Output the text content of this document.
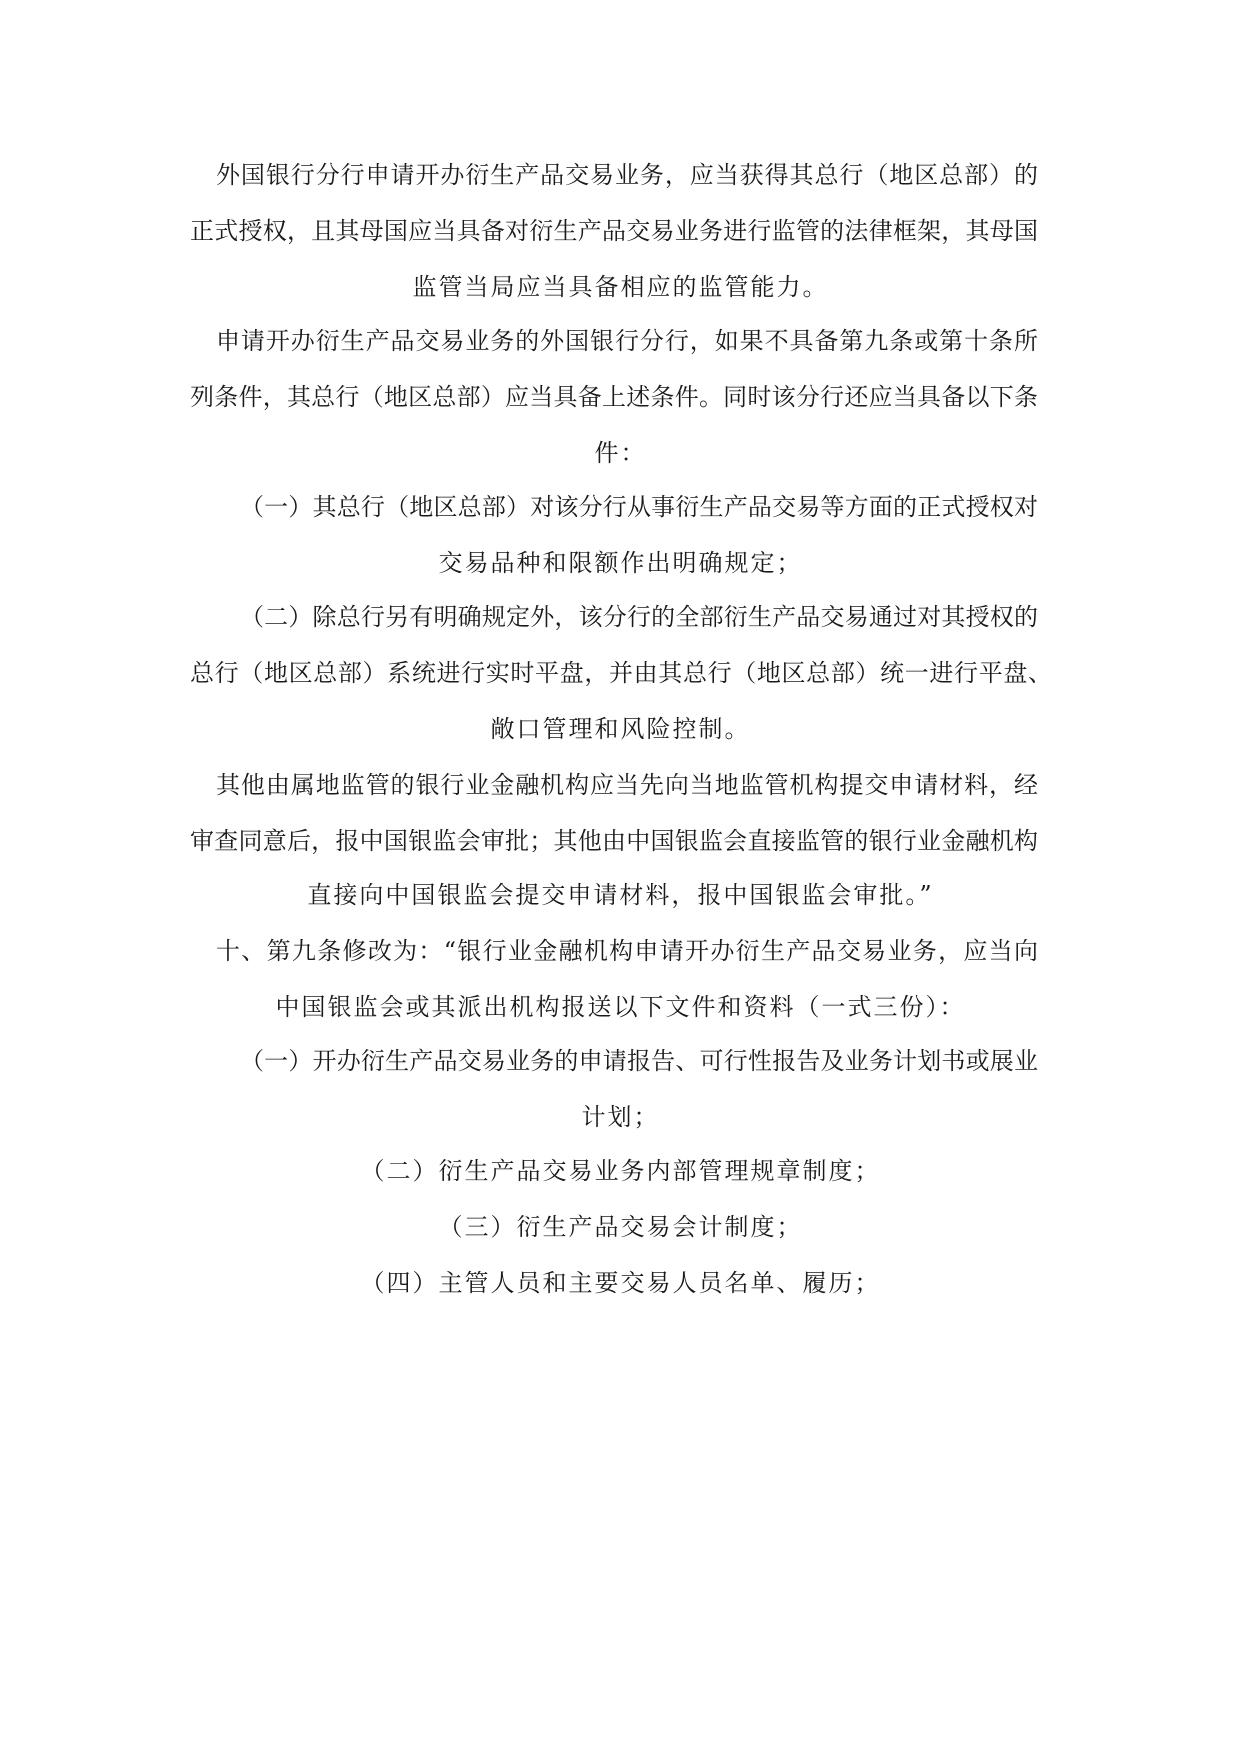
外国银行分行申请开办衍生产品交易业务，应当获得其总行（地区总部）的
正式授权，且其母国应当具备对衍生产品交易业务进行监管的法律框架，其母国
监管当局应当具备相应的监管能力。
申请开办衍生产品交易业务的外国银行分行，如果不具备第九条或第十条所
列条件，其总行（地区总部）应当具备上述条件。同时该分行还应当具备以下条
件：
（一）其总行（地区总部）对该分行从事衍生产品交易等方面的正式授权对
交易品种和限额作出明确规定；
（二）除总行另有明确规定外，该分行的全部衍生产品交易通过对其授权的
总行（地区总部）系统进行实时平盘，并由其总行（地区总部）统一进行平盘、
敞口管理和风险控制。
其他由属地监管的银行业金融机构应当先向当地监管机构提交申请材料，经
审查同意后，报中国银监会审批；其他由中国银监会直接监管的银行业金融机构
直接向中国银监会提交申请材料，报中国银监会审批。”
十、第九条修改为：“银行业金融机构申请开办衍生产品交易业务，应当向
中国银监会或其派出机构报送以下文件和资料（一式三份）：
（一）开办衍生产品交易业务的申请报告、可行性报告及业务计划书或展业
计划；
（二）衍生产品交易业务内部管理规章制度；
（三）衍生产品交易会计制度；
（四）主管人员和主要交易人员名单、履历；
